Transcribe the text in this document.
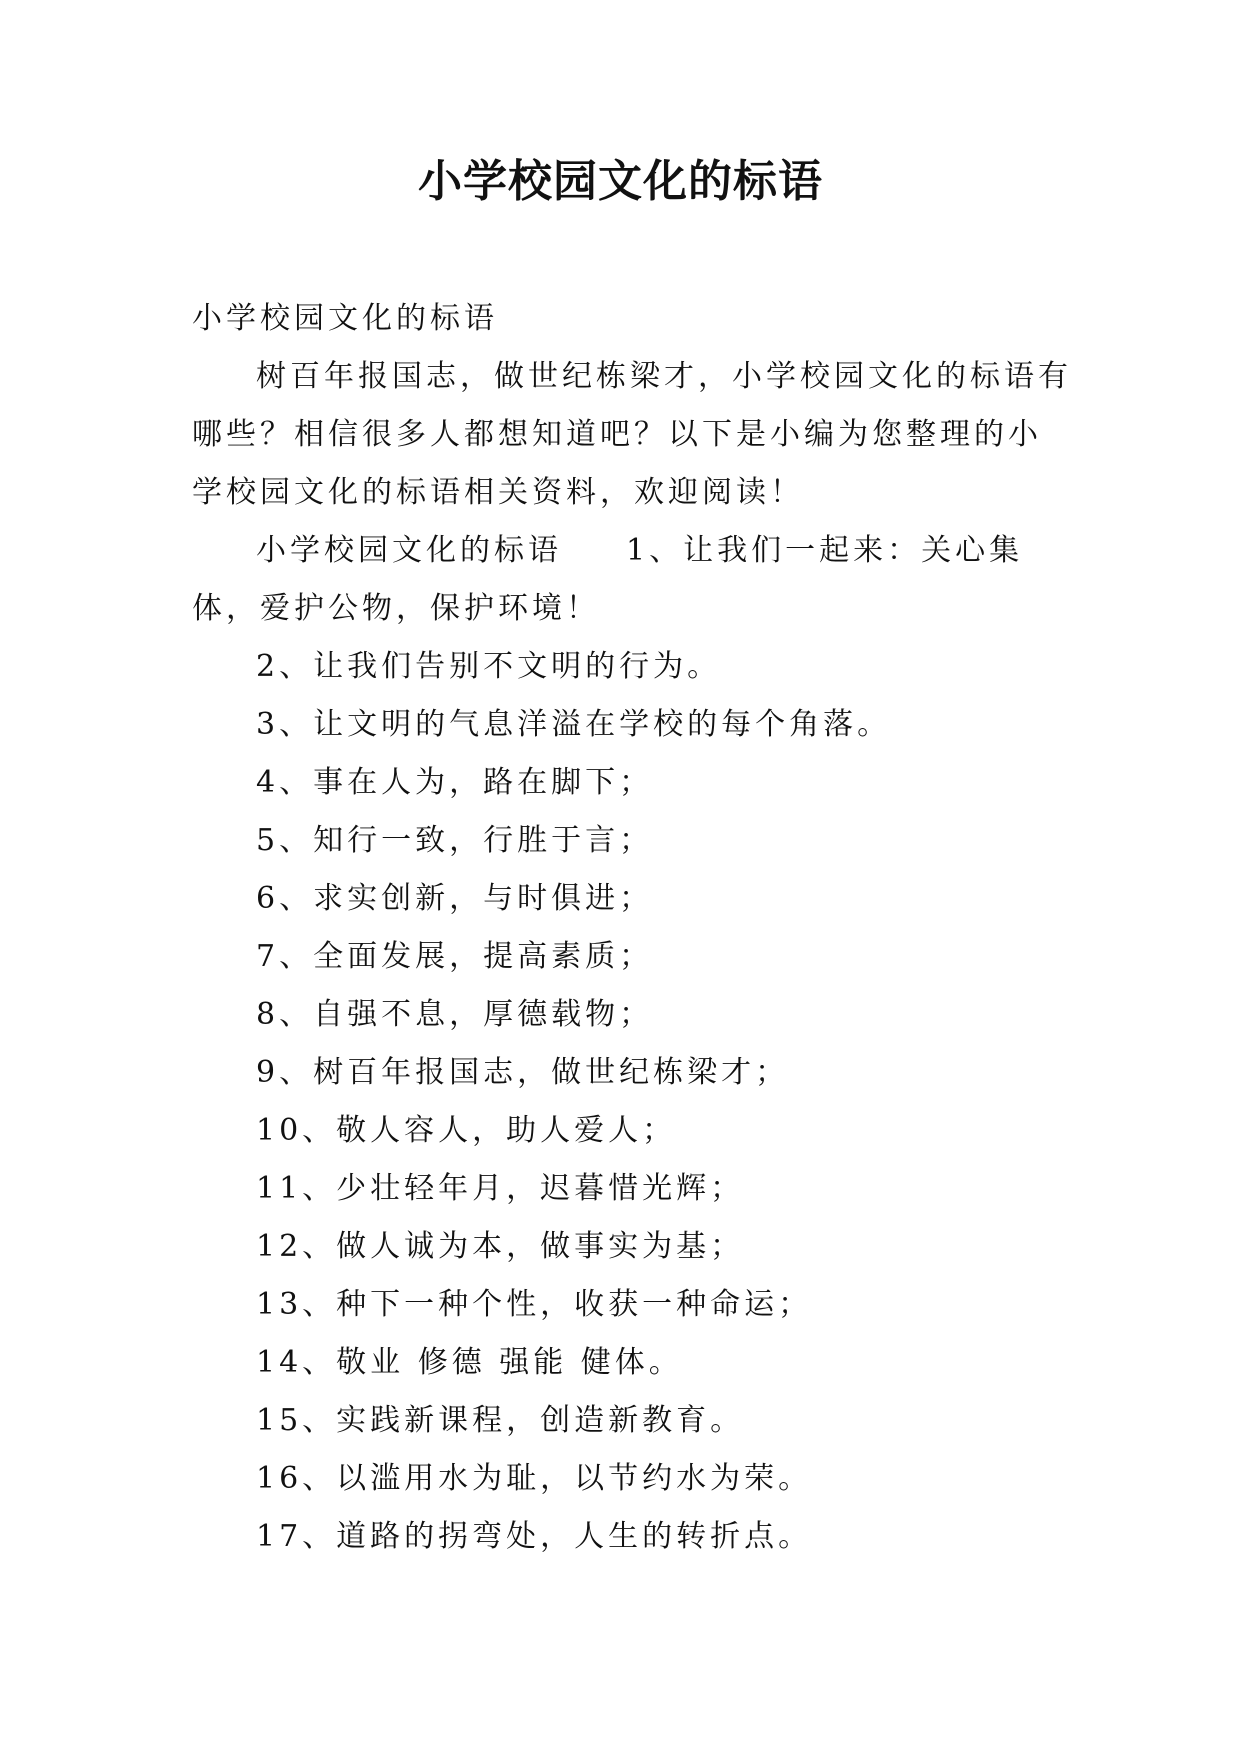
小学校园文化的标语

小学校园文化的标语

树百年报国志，做世纪栋梁才，小学校园文化的标语有哪些？相信很多人都想知道吧？以下是小编为您整理的小学校园文化的标语相关资料，欢迎阅读！

小学校园文化的标语 1、让我们一起来：关心集体，爱护公物，保护环境！

2、让我们告别不文明的行为。

3、让文明的气息洋溢在学校的每个角落。

4、事在人为，路在脚下；

5、知行一致，行胜于言；

6、求实创新，与时俱进；

7、全面发展，提高素质；

8、自强不息，厚德载物；

9、树百年报国志，做世纪栋梁才；

10、敬人容人，助人爱人；

11、少壮轻年月，迟暮惜光辉；

12、做人诚为本，做事实为基；

13、种下一种个性，收获一种命运；

14、敬业 修德 强能 健体。

15、实践新课程，创造新教育。

16、以滥用水为耻，以节约水为荣。

17、道路的拐弯处，人生的转折点。
